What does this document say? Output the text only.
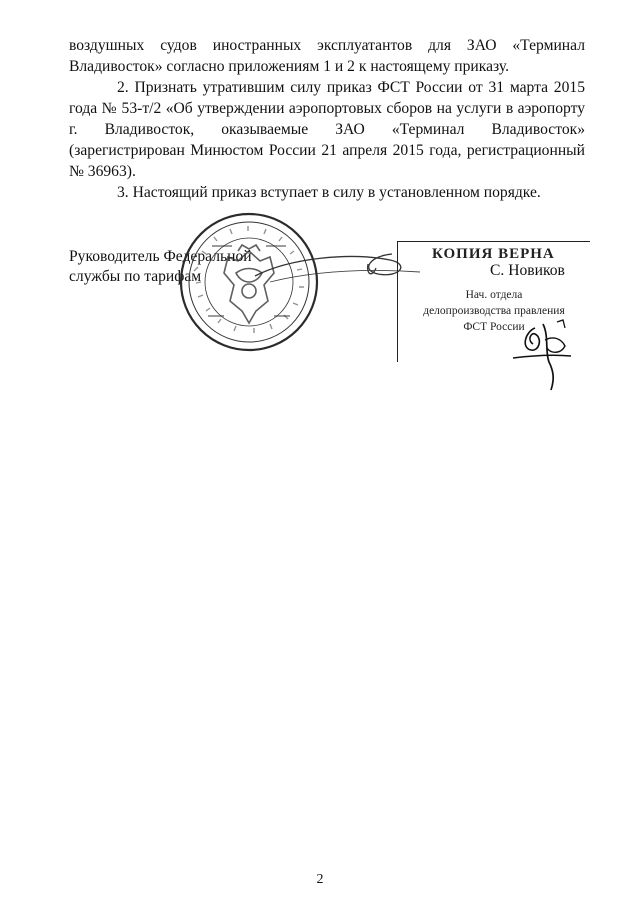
воздушных судов иностранных эксплуатантов для ЗАО «Терминал Владивосток» согласно приложениям 1 и 2 к настоящему приказу.

2. Признать утратившим силу приказ ФСТ России от 31 марта 2015 года № 53-т/2 «Об утверждении аэропортовых сборов на услуги в аэропорту г. Владивосток, оказываемые ЗАО «Терминал Владивосток» (зарегистрирован Минюстом России 21 апреля 2015 года, регистрационный № 36963).

3. Настоящий приказ вступает в силу в установленном порядке.

Руководитель Федеральной
службы по тарифам
КОПИЯ ВЕРНА
С. Новиков
Нач. отдела
делопроизводства правления
ФСТ России
2
